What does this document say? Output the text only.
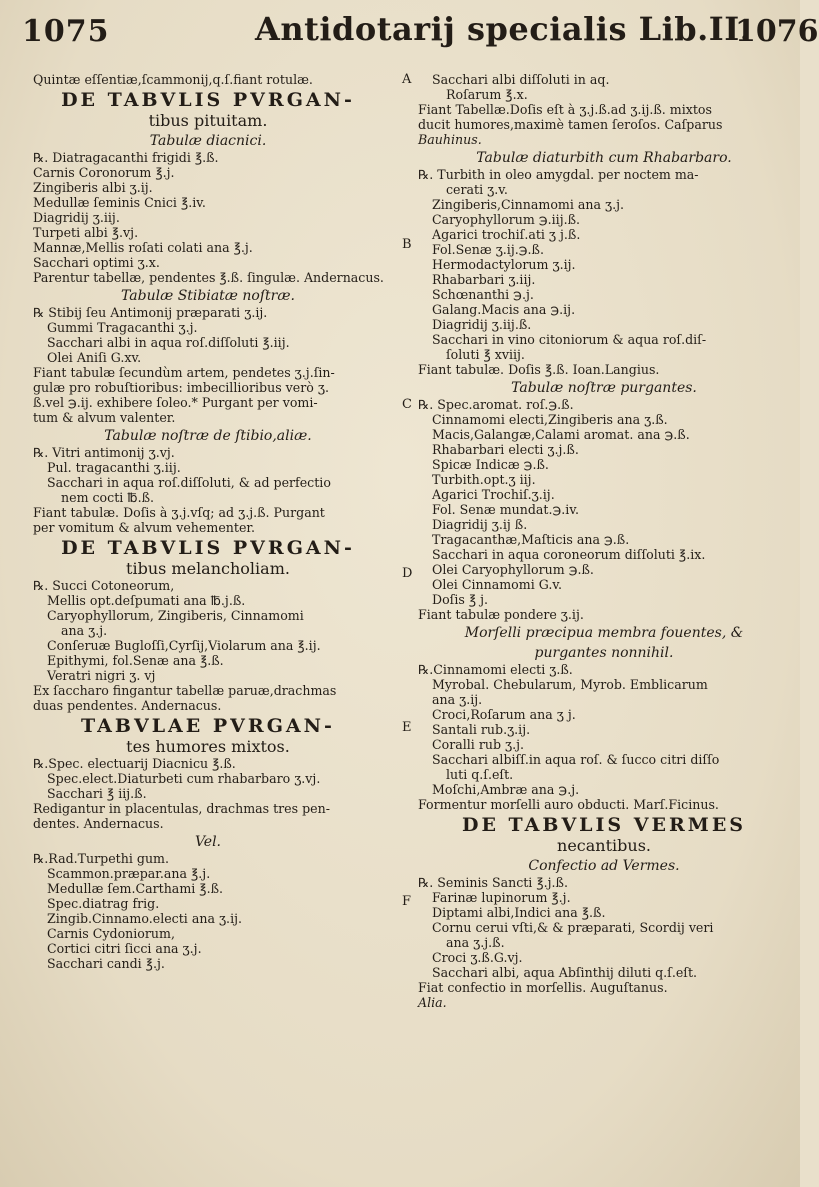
1075	Antidotarij specialis Lib.II.
1076
Quintæ eſſentiæ,ſcammonij,q.ſ.fiant rotulæ.
DE TABVLIS PVRGAN-
tibus pituitam.
Tabulæ diacnici.
℞. Diatragacanthi frigidi ℥.ß.
Carnis Coronorum ℥.j.
Zingiberis albi ʒ.ij.
Medullæ ſeminis Cnici ℥.iv.
Diagridij ʒ.iij.
Turpeti albi ℥.vj.
Mannæ,Mellis roſati colati ana ℥.j.
Sacchari optimi ʒ.x.
Parentur tabellæ, pendentes ℥.ß. ſingulæ. Andernacus.
Tabulæ Stibiatæ noſtræ.
℞ Stibij ſeu Antimonij præparati ʒ.ij.
Gummi Tragacanthi ʒ.j.
Sacchari albi in aqua roſ.diſſoluti ℥.iij.
Olei Aniſi G.xv.
Fiant tabulæ ſecundùm artem, pendetes ʒ.j.ſin-
gulæ pro robuſtioribus: imbecillioribus verò ʒ.
ß.vel ℈.ij. exhibere ſoleo.* Purgant per vomi-
tum & alvum valenter.
Tabulæ noſtræ de ſtibio,aliæ.
℞. Vitri antimonij ʒ.vj.
Pul. tragacanthi ʒ.iij.
Sacchari in aqua roſ.diſſoluti, & ad perfectio
nem cocti ℔.ß.
Fiant tabulæ. Doſis à ʒ.j.vſq; ad ʒ.j.ß. Purgant
per vomitum & alvum vehementer.
DE TABVLIS PVRGAN-
tibus melancholiam.
℞. Succi Cotoneorum,
Mellis opt.deſpumati ana ℔.j.ß.
Caryophyllorum, Zingiberis, Cinnamomi
ana ʒ.j.
Conſeruæ Bugloſſi,Cyrſij,Violarum ana ℥.ij.
Epithymi, fol.Senæ ana ℥.ß.
Veratri nigri ʒ. vj
Ex ſaccharo fingantur tabellæ paruæ,drachmas
duas pendentes. Andernacus.
TABVLAE PVRGAN-
tes humores mixtos.
℞.Spec. electuarij Diacnicu ℥.ß.
Spec.elect.Diaturbeti cum rhabarbaro ʒ.vj.
Sacchari ℥ iij.ß.
Redigantur in placentulas, drachmas tres pen-
dentes. Andernacus.
Vel.
℞.Rad.Turpethi gum.
Scammon.præpar.ana ℥.j.
Medullæ ſem.Carthami ℥.ß.
Spec.diatrag frig.
Zingib.Cinnamo.electi ana ʒ.ij.
Carnis Cydoniorum,
Cortici citri ſicci ana ʒ.j.
Sacchari candi ℥.j.
A
B
C
D
E
F
Sacchari albi diſſoluti in aq.
Roſarum ℥.x.
Fiant Tabellæ.Doſis eſt à ʒ.j.ß.ad ʒ.ij.ß. mixtos
ducit humores,maximè tamen ſeroſos. Caſparus
Bauhinus.
Tabulæ diaturbith cum Rhabarbaro.
℞. Turbith in oleo amygdal. per noctem ma-
cerati ʒ.v.
Zingiberis,Cinnamomi ana ʒ.j.
Caryophyllorum ℈.iij.ß.
Agarici trochiſ.ati ʒ j.ß.
Fol.Senæ ʒ.ij.℈.ß.
Hermodactylorum ʒ.ij.
Rhabarbari ʒ.iij.
Schœnanthi ℈.j.
Galang.Macis ana ℈.ij.
Diagridij ʒ.iij.ß.
Sacchari in vino citoniorum & aqua roſ.diſ-
ſoluti ℥ xviij.
Fiant tabulæ. Doſis ℥.ß. Ioan.Langius.
Tabulæ noſtræ purgantes.
℞. Spec.aromat. roſ.℈.ß.
Cinnamomi electi,Zingiberis ana ʒ.ß.
Macis,Galangæ,Calami aromat. ana ℈.ß.
Rhabarbari electi ʒ.j.ß.
Spicæ Indicæ ℈.ß.
Turbith.opt.ʒ iij.
Agarici Trochiſ.ʒ.ij.
Fol. Senæ mundat.℈.iv.
Diagridij ʒ.ij ß.
Tragacanthæ,Maſticis ana ℈.ß.
Sacchari in aqua coroneorum diſſoluti ℥.ix.
Olei Caryophyllorum ℈.ß.
Olei Cinnamomi G.v.
Doſis ℥ j.
Fiant tabulæ pondere ʒ.ij.
Morſelli præcipua membra fouentes, &
purgantes nonnihil.
℞.Cinnamomi electi ʒ.ß.
Myrobal. Chebularum, Myrob. Emblicarum
ana ʒ.ij.
Croci,Roſarum ana ʒ j.
Santali rub.ʒ.ij.
Coralli rub ʒ.j.
Sacchari albiſſ.in aqua roſ. & ſucco citri diſſo
luti q.ſ.eſt.
Moſchi,Ambræ ana ℈.j.
Formentur morſelli auro obducti. Marſ.Ficinus.
DE TABVLIS VERMES
necantibus.
Confectio ad Vermes.
℞. Seminis Sancti ℥.j.ß.
Farinæ lupinorum ℥.j.
Diptami albi,Indici ana ℥.ß.
Cornu cerui vſti,& & præparati, Scordij veri
ana ʒ.j.ß.
Croci ʒ.ß.G.vj.
Sacchari albi, aqua Abſinthij diluti q.ſ.eſt.
Fiat confectio in morſellis. Auguſtanus.
Alia.
